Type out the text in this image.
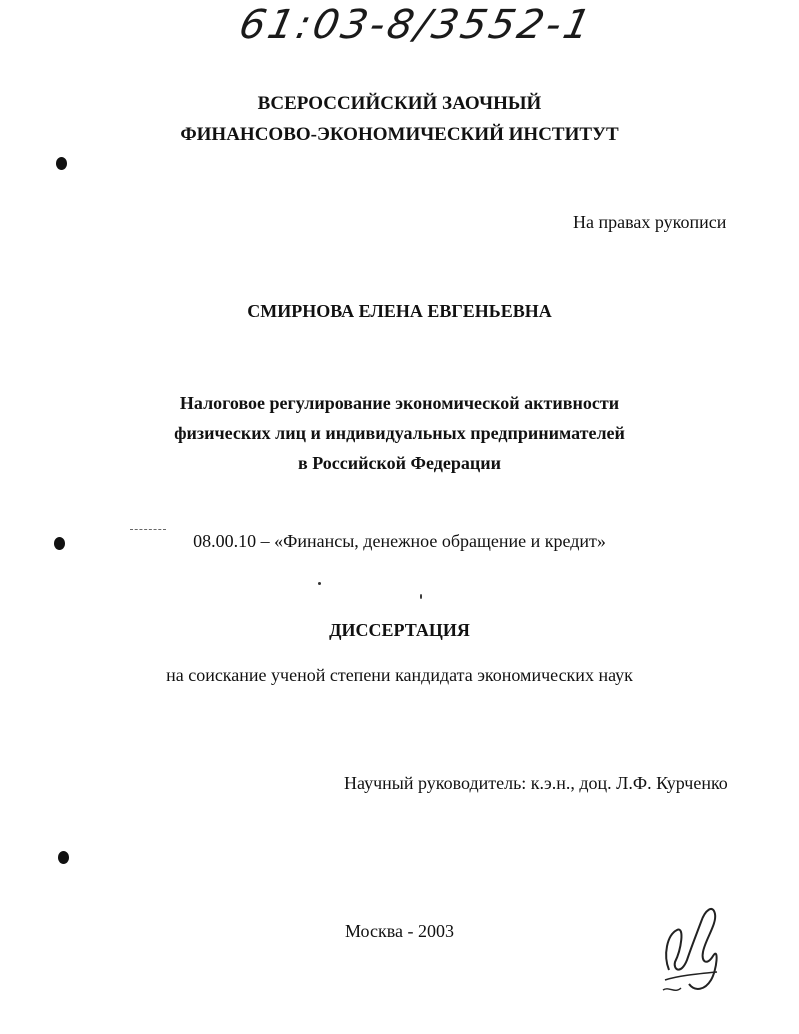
61:03-8/3552-1
ВСЕРОССИЙСКИЙ ЗАОЧНЫЙ
ФИНАНСОВО-ЭКОНОМИЧЕСКИЙ ИНСТИТУТ
На правах рукописи
СМИРНОВА ЕЛЕНА ЕВГЕНЬЕВНА
Налоговое регулирование экономической активности
физических лиц и индивидуальных предпринимателей
в Российской Федерации
08.00.10 – «Финансы, денежное обращение и кредит»
ДИССЕРТАЦИЯ
на соискание ученой степени кандидата экономических наук
Научный руководитель: к.э.н., доц. Л.Ф. Курченко
Москва - 2003
